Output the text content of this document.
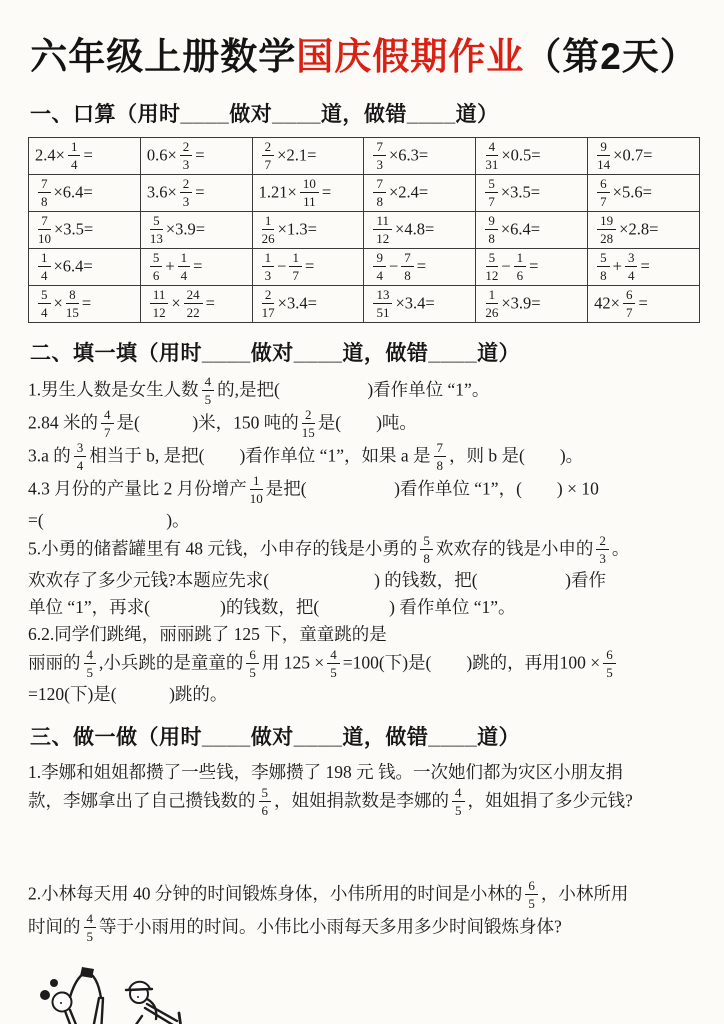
六年级上册数学国庆假期作业（第2天）
一、口算（用时____做对____道，做错____道）
$2.4\times \frac{1}{4}$ =	$0.6\times \frac{2}{3}$ =	$\frac{2}{7} \times 2.1=$	$\frac{7}{3} \times 6.3=$	$\frac{4}{31} \times 0.5=$	$\frac{9}{14} \times 0.7=$

$\frac{7}{8} \times 6.4=$	$3.6\times \frac{2}{3}$ =	$1.21\times \frac{10}{11}$ =	$\frac{7}{8} \times 2.4=$	$\frac{5}{7} \times 3.5=$	$\frac{6}{7} \times 5.6=$

$\frac{7}{10} \times 3.5=$	$\frac{5}{13} \times 3.9=$	$\frac{1}{26} \times 1.3=$	$\frac{11}{12} \times 4.8=$	$\frac{9}{8} \times 6.4=$	$\frac{19}{28} \times 2.8=$

$\frac{1}{4} \times 6.4=$	$\frac{5}{6} + \frac{1}{4}$ =	$\frac{1}{3} - \frac{1}{7}$ =	$\frac{9}{4} - \frac{7}{8}$ =	$\frac{5}{12} - \frac{1}{6}$ =	$\frac{5}{8} + \frac{3}{4}$ =

$\frac{5}{4} \times \frac{8}{15}$ =	$\frac{11}{12} \times \frac{24}{22}$ =	$\frac{2}{17} \times 3.4=$	$\frac{13}{51} \times 3.4=$	$\frac{1}{26} \times 3.9=$	$42\times \frac{6}{7}$ =
二、填一填（用时____做对____道，做错____道）
1.男生人数是女生人数 $\frac{4}{5}$ 的,是把(　　　　　)看作单位 “1”。
2.84 米的 $\frac{4}{7}$ 是(　　　)米，150 吨的 $\frac{2}{15}$ 是(　　)吨。
3.a 的 $\frac{3}{4}$ 相当于 b, 是把(　　)看作单位 “1”，如果 a 是 $\frac{7}{8}$ ，则 b 是(　　)。
4.3 月份的产量比 2 月份增产 $\frac{1}{10}$ 是把(　　　　　)看作单位 “1”，(　　) × 10
=(　　　　　　　)。
5.小勇的储蓄罐里有 48 元钱，小申存的钱是小勇的 $\frac{5}{8}$ 欢欢存的钱是小申的 $\frac{2}{3}$ 。
欢欢存了多少元钱?本题应先求(　　　　　　) 的钱数，把(　　　　　)看作
单位 “1”，再求(　　　　)的钱数，把(　　　　) 看作单位 “1”。
6.2.同学们跳绳，丽丽跳了 125 下，童童跳的是
丽丽的 $\frac{4}{5}$ ,小兵跳的是童童的 $\frac{6}{5}$ 用 $125 \times \frac{4}{5} =100$(下)是(　　)跳的，再用$100 \times \frac{6}{5}$
=120(下)是(　　　)跳的。
三、做一做（用时____做对____道，做错____道）
1.李娜和姐姐都攒了一些钱，李娜攒了 198 元 钱。一次她们都为灾区小朋友捐
款，李娜拿出了自己攒钱数的 $\frac{5}{6}$ ，姐姐捐款数是李娜的 $\frac{4}{5}$ ，姐姐捐了多少元钱?
2.小林每天用 40 分钟的时间锻炼身体，小伟所用的时间是小林的 $\frac{6}{5}$ ，小林所用
时间的 $\frac{4}{5}$ 等于小雨用的时间。小伟比小雨每天多用多少时间锻炼身体?
